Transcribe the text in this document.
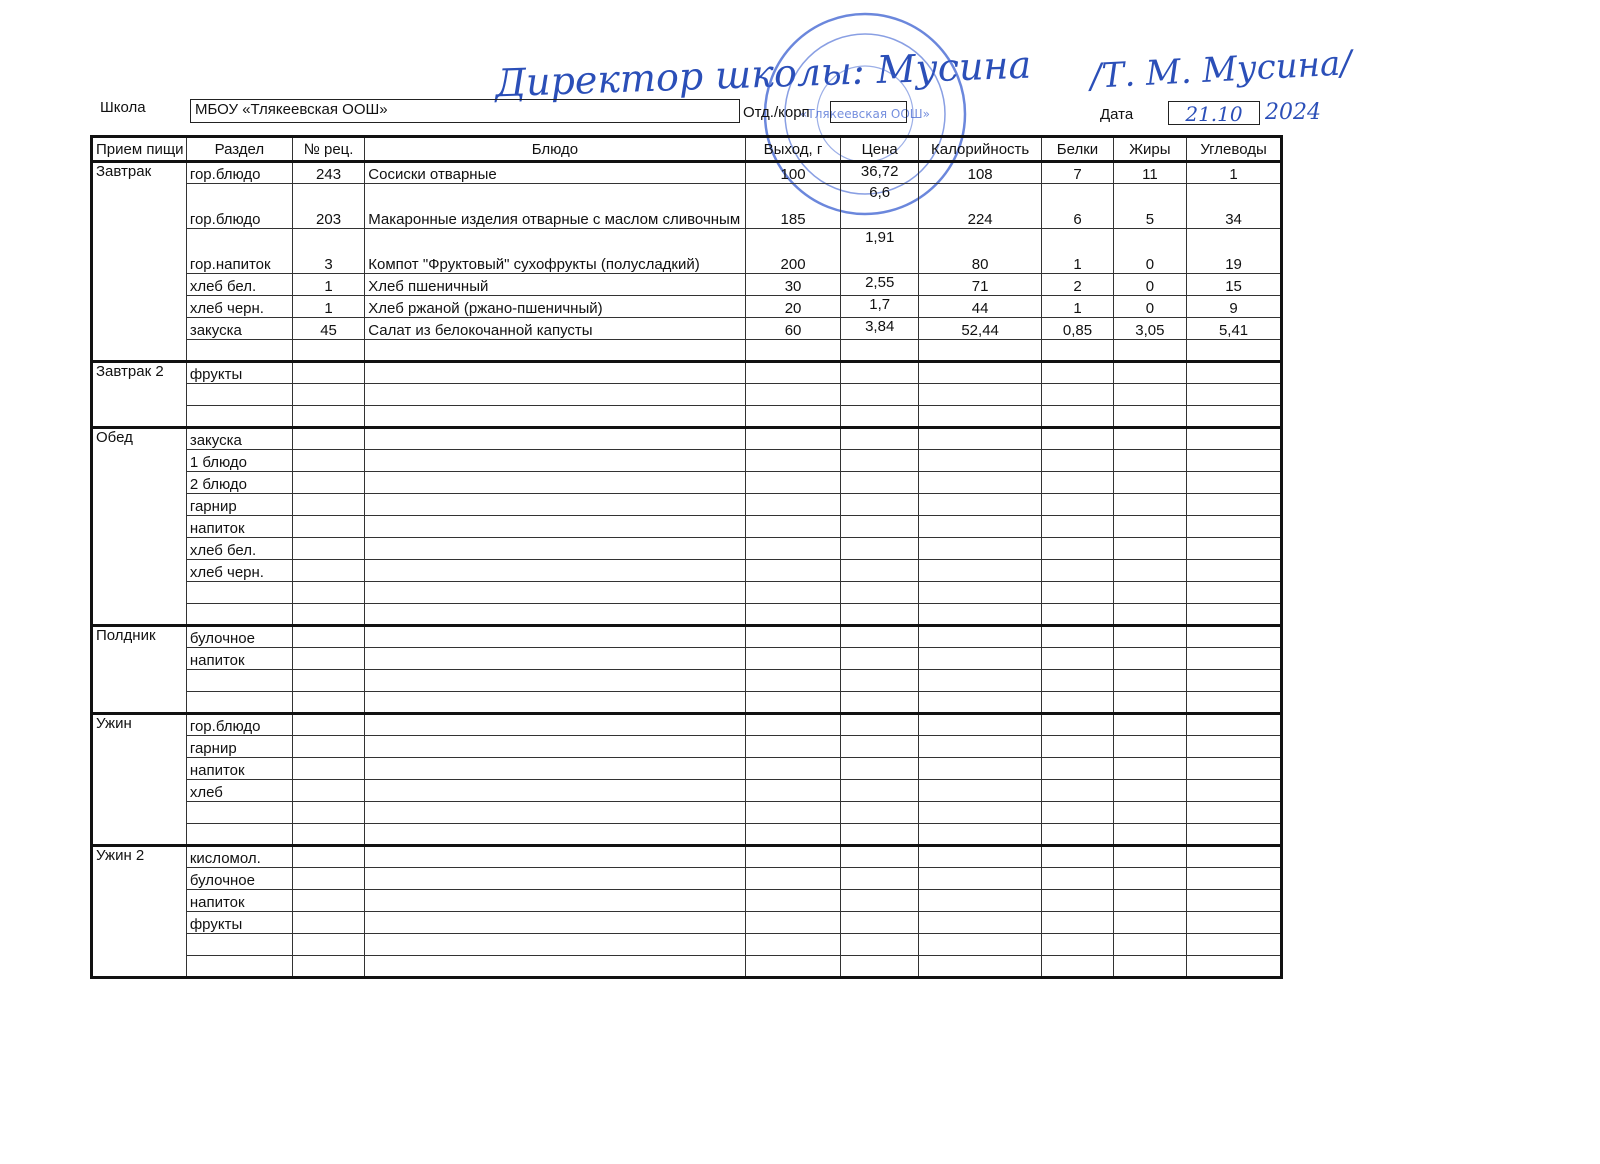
Директор школы: Мусина /Т. М. Мусина/
«Тлякеевская ООШ»
Школа	МБОУ «Тлякеевская ООШ»	Отд./корп	Дата	21.10	2024
Прием пищи	Раздел	№ рец.	Блюдо	Выход, г	Цена	Калорийность	Белки	Жиры	Углеводы
Завтрак	гор.блюдо	243	Сосиски отварные	100	36,72	108	7	11	1
	гор.блюдо	203	Макаронные изделия отварные с маслом сливочным	185	6,6	224	6	5	34
	гор.напиток	3	Компот "Фруктовый" сухофрукты (полусладкий)	200	1,91	80	1	0	19
	хлеб бел.	1	Хлеб пшеничный	30	2,55	71	2	0	15
	хлеб черн.	1	Хлеб ржаной (ржано-пшеничный)	20	1,7	44	1	0	9
	закуска	45	Салат из белокочанной капусты	60	3,84	52,44	0,85	3,05	5,41

Завтрак 2	фрукты								

Обед	закуска								
	1 блюдо								
	2 блюдо								
	гарнир								
	напиток								
	хлеб бел.								
	хлеб черн.								

Полдник	булочное								
	напиток								

Ужин	гор.блюдо								
	гарнир								
	напиток								
	хлеб								

Ужин 2	кисломол.								
	булочное								
	напиток								
	фрукты								
